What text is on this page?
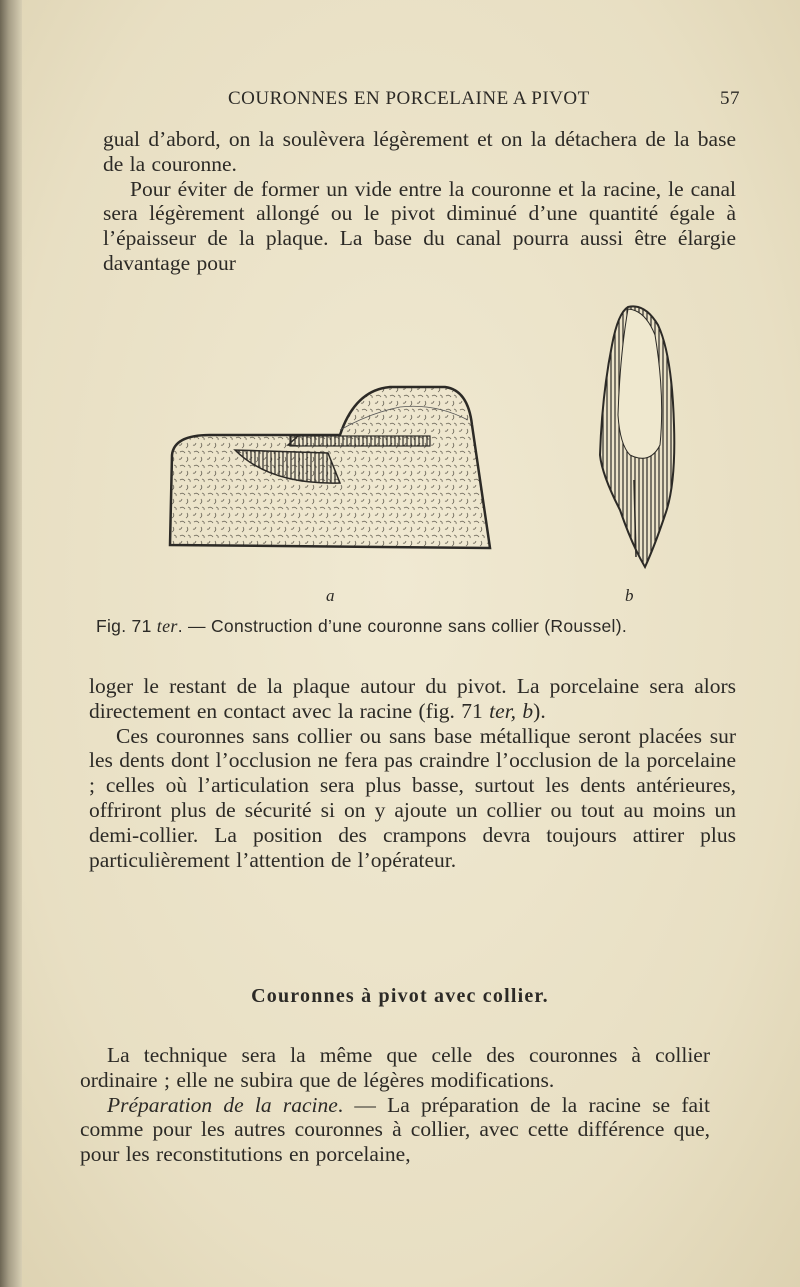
COURONNES EN PORCELAINE A PIVOT	57
gual d’abord, on la soulèvera légèrement et on la détachera de la base de la couronne.
Pour éviter de former un vide entre la couronne et la racine, le canal sera légèrement allongé ou le pivot diminué d’une quantité égale à l’épaisseur de la plaque. La base du canal pourra aussi être élargie davantage pour
a	b
Fig. 71 ter. — Construction d’une couronne sans collier (Roussel).
loger le restant de la plaque autour du pivot. La porcelaine sera alors directement en contact avec la racine (fig. 71 ter, b).
Ces couronnes sans collier ou sans base métallique seront placées sur les dents dont l’occlusion ne fera pas craindre l’occlusion de la porcelaine ; celles où l’articulation sera plus basse, surtout les dents antérieures, offriront plus de sécurité si on y ajoute un collier ou tout au moins un demi-collier. La position des crampons devra toujours attirer plus particulièrement l’attention de l’opérateur.
Couronnes à pivot avec collier.
La technique sera la même que celle des couronnes à collier ordinaire ; elle ne subira que de légères modifications.
Préparation de la racine. — La préparation de la racine se fait comme pour les autres couronnes à collier, avec cette différence que, pour les reconstitutions en porcelaine,
